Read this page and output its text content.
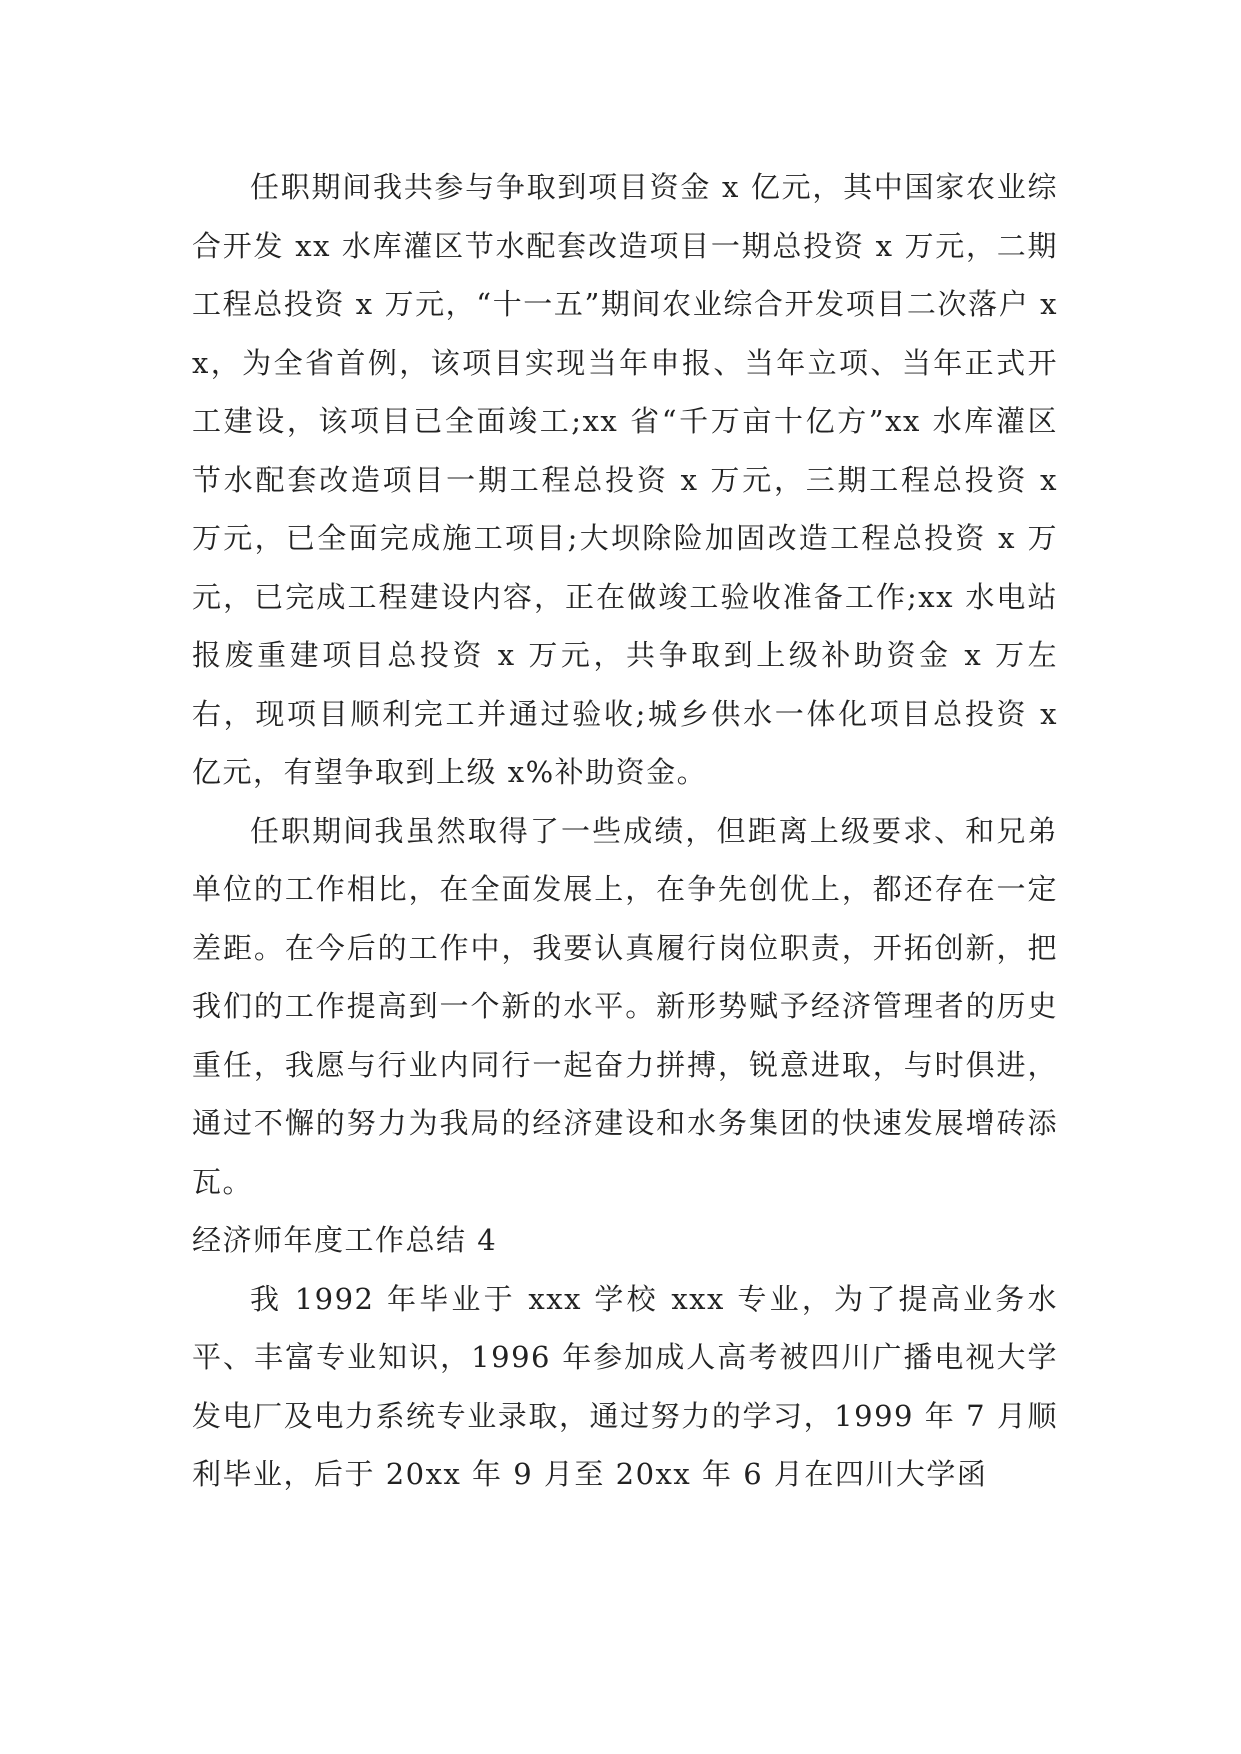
任职期间我共参与争取到项目资金 x 亿元，其中国家农业综合开发 xx 水库灌区节水配套改造项目一期总投资 x 万元，二期工程总投资 x 万元，“十一五”期间农业综合开发项目二次落户 xx，为全省首例，该项目实现当年申报、当年立项、当年正式开工建设，该项目已全面竣工;xx 省“千万亩十亿方”xx 水库灌区节水配套改造项目一期工程总投资 x 万元，三期工程总投资 x 万元，已全面完成施工项目;大坝除险加固改造工程总投资 x 万元，已完成工程建设内容，正在做竣工验收准备工作;xx 水电站报废重建项目总投资 x 万元，共争取到上级补助资金 x 万左右，现项目顺利完工并通过验收;城乡供水一体化项目总投资 x 亿元，有望争取到上级 x%补助资金。

任职期间我虽然取得了一些成绩，但距离上级要求、和兄弟单位的工作相比，在全面发展上，在争先创优上，都还存在一定差距。在今后的工作中，我要认真履行岗位职责，开拓创新，把我们的工作提高到一个新的水平。新形势赋予经济管理者的历史重任，我愿与行业内同行一起奋力拼搏，锐意进取，与时俱进，通过不懈的努力为我局的经济建设和水务集团的快速发展增砖添瓦。

经济师年度工作总结 4

我 1992 年毕业于 xxx 学校 xxx 专业，为了提高业务水平、丰富专业知识，1996 年参加成人高考被四川广播电视大学发电厂及电力系统专业录取，通过努力的学习，1999 年 7 月顺利毕业，后于 20xx 年 9 月至 20xx 年 6 月在四川大学函
